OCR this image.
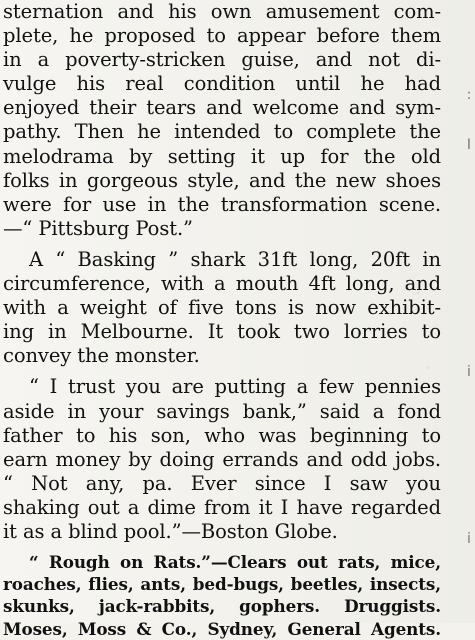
sternation and his own amusement com-
plete, he proposed to appear before them
in a poverty-stricken guise, and not di-
vulge his real condition until he had
enjoyed their tears and welcome and sym-
pathy. Then he intended to complete the
melodrama by setting it up for the old
folks in gorgeous style, and the new shoes
were for use in the transformation scene.
—“ Pittsburg Post.”
A “ Basking ” shark 31ft long, 20ft in
circumference, with a mouth 4ft long, and
with a weight of five tons is now exhibit-
ing in Melbourne. It took two lorries to
convey the monster.
“ I trust you are putting a few pennies
aside in your savings bank,” said a fond
father to his son, who was beginning to
earn money by doing errands and odd jobs.
“ Not any, pa. Ever since I saw you
shaking out a dime from it I have regarded
it as a blind pool.”—Boston Globe.
“ Rough on Rats.”—Clears out rats, mice,
roaches, flies, ants, bed-bugs, beetles, insects,
skunks, jack-rabbits, gophers. Druggists.
Moses, Moss & Co., Sydney, General Agents.
:
I
i
i
